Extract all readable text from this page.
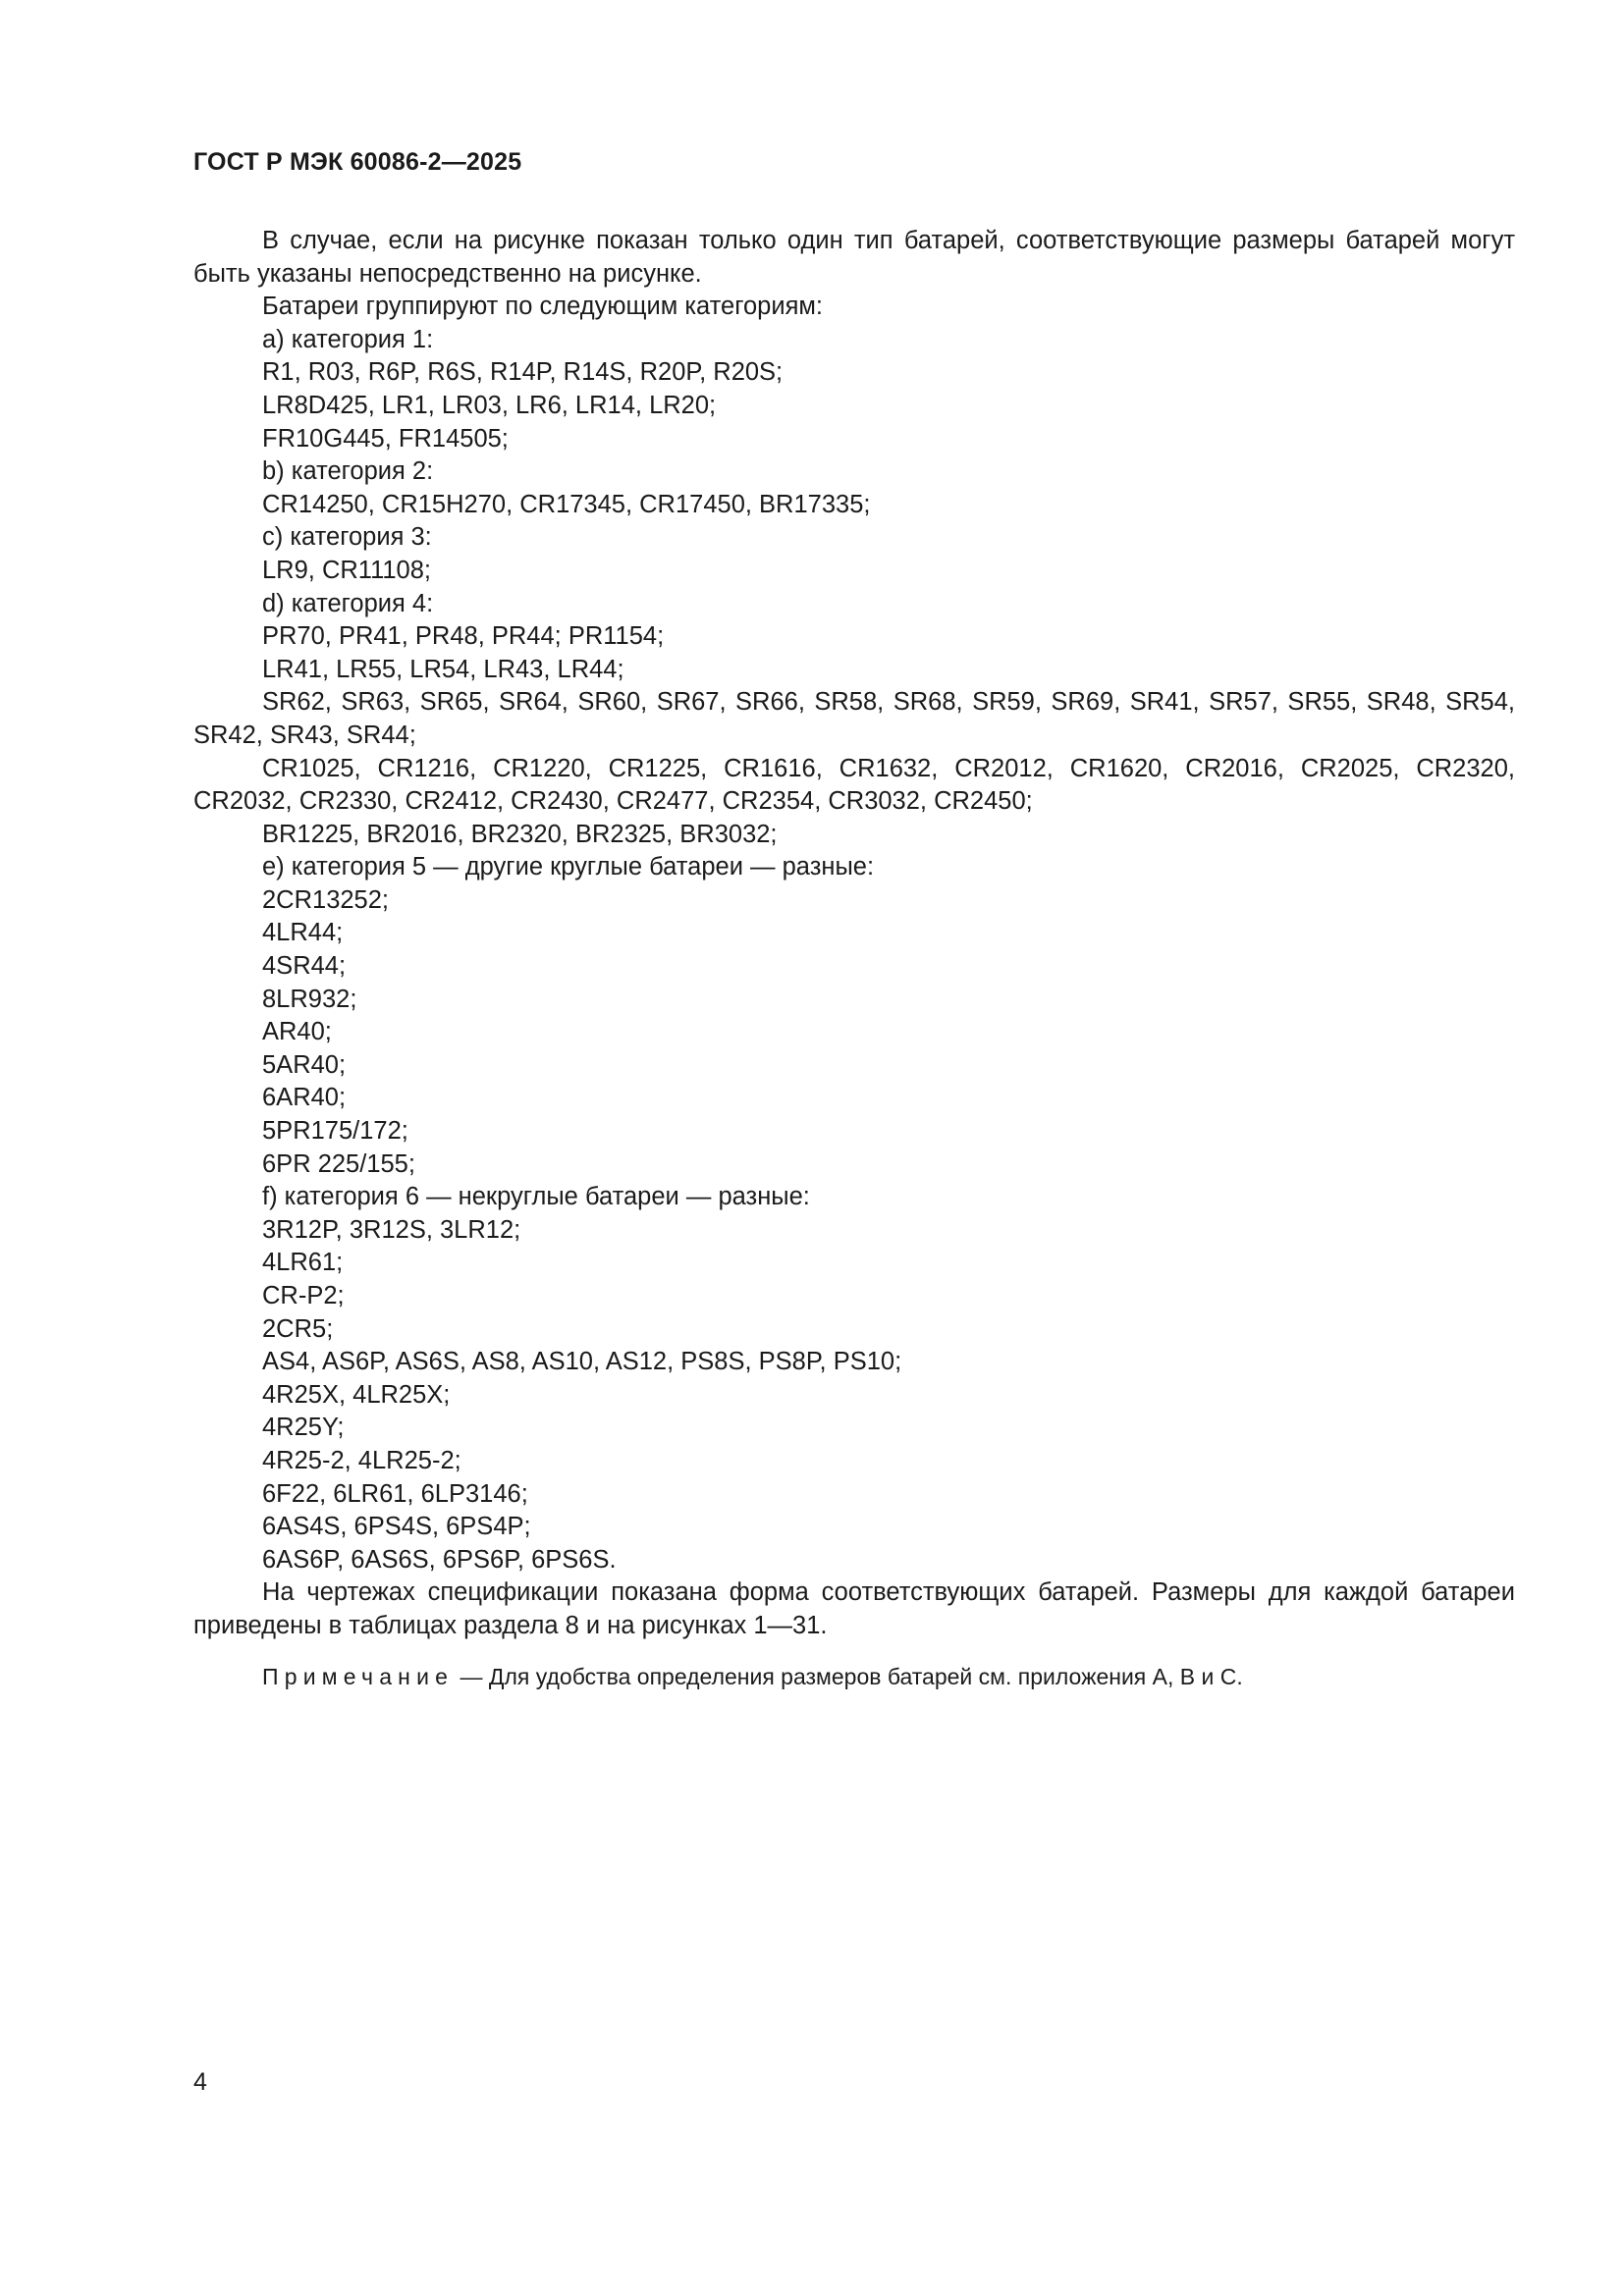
ГОСТ Р МЭК 60086-2—2025

В случае, если на рисунке показан только один тип батарей, соответствующие размеры батарей могут быть указаны непосредственно на рисунке.

Батареи группируют по следующим категориям:

a) категория 1:

R1, R03, R6P, R6S, R14P, R14S, R20P, R20S;

LR8D425, LR1, LR03, LR6, LR14, LR20;

FR10G445, FR14505;

b) категория 2:

CR14250, CR15H270, CR17345, CR17450, BR17335;

c) категория 3:

LR9, CR11108;

d) категория 4:

PR70, PR41, PR48, PR44; PR1154;

LR41, LR55, LR54, LR43, LR44;

SR62, SR63, SR65, SR64, SR60, SR67, SR66, SR58, SR68, SR59, SR69, SR41, SR57, SR55, SR48, SR54, SR42, SR43, SR44;

CR1025, CR1216, CR1220, CR1225, CR1616, CR1632, CR2012, CR1620, CR2016, CR2025, CR2320, CR2032, CR2330, CR2412, CR2430, CR2477, CR2354, CR3032, CR2450;

BR1225, BR2016, BR2320, BR2325, BR3032;

e) категория 5 — другие круглые батареи — разные:

2CR13252;

4LR44;

4SR44;

8LR932;

AR40;

5AR40;

6AR40;

5PR175/172;

6PR 225/155;

f) категория 6 — некруглые батареи — разные:

3R12P, 3R12S, 3LR12;

4LR61;

CR-P2;

2CR5;

AS4, AS6P, AS6S, AS8, AS10, AS12, PS8S, PS8P, PS10;

4R25X, 4LR25X;

4R25Y;

4R25-2, 4LR25-2;

6F22, 6LR61, 6LP3146;

6AS4S, 6PS4S, 6PS4P;

6AS6P, 6AS6S, 6PS6P, 6PS6S.

На чертежах спецификации показана форма соответствующих батарей. Размеры для каждой батареи приведены в таблицах раздела 8 и на рисунках 1—31.

Примечание — Для удобства определения размеров батарей см. приложения А, В и С.

4
